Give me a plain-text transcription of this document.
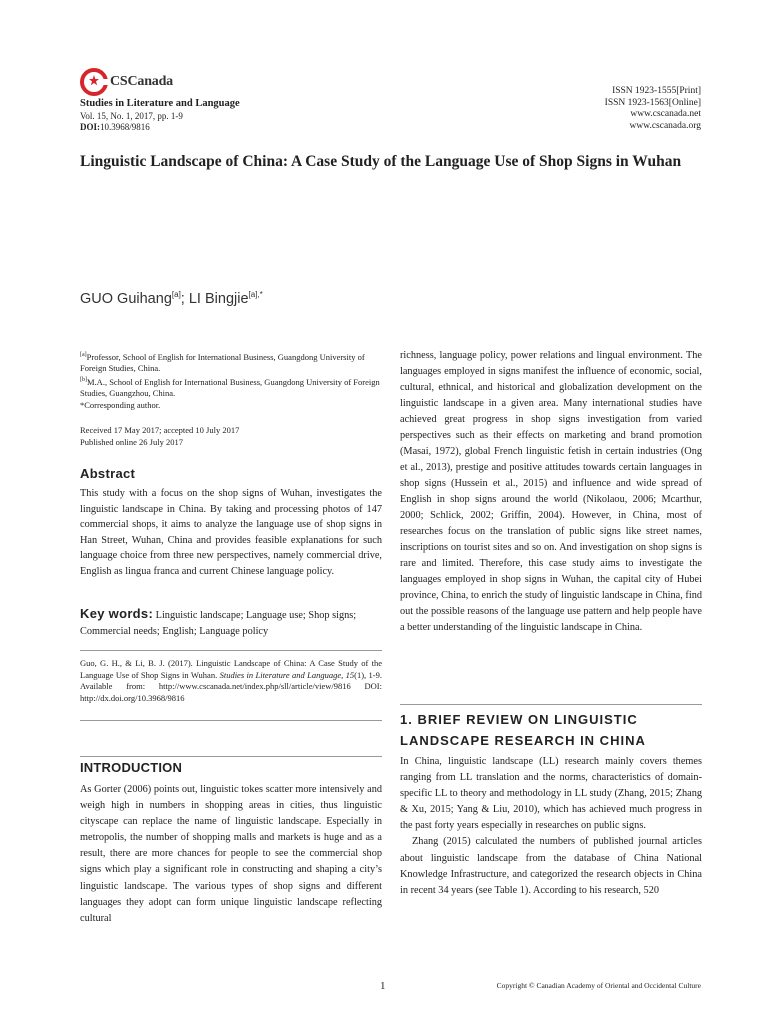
CSCanada
Studies in Literature and Language
Vol. 15, No. 1, 2017, pp. 1-9
DOI:10.3968/9816
ISSN 1923-1555[Print]
ISSN 1923-1563[Online]
www.cscanada.net
www.cscanada.org
Linguistic Landscape of China: A Case Study of the Language Use of Shop Signs in Wuhan
GUO Guihang[a]; LI Bingjie$^{[a],*}$
[a]Professor, School of English for International Business, Guangdong University of Foreign Studies, China.
[b]M.A., School of English for International Business, Guangdong University of Foreign Studies, Guangzhou, China.
*Corresponding author.
Received 17 May 2017; accepted 10 July 2017
Published online 26 July 2017
Abstract
This study with a focus on the shop signs of Wuhan, investigates the linguistic landscape in China. By taking and processing photos of 147 commercial shops, it aims to analyze the language use of shop signs in Han Street, Wuhan, China and provides feasible explanations for such language choice from three new perspectives, namely commercial drive, English as lingua franca and current Chinese language policy.
Key words: Linguistic landscape; Language use; Shop signs; Commercial needs; English; Language policy
Guo, G. H., & Li, B. J. (2017). Linguistic Landscape of China: A Case Study of the Language Use of Shop Signs in Wuhan. Studies in Literature and Language, 15(1), 1-9. Available from: http://www.cscanada.net/index.php/sll/article/view/9816 DOI: http://dx.doi.org/10.3968/9816
INTRODUCTION
As Gorter (2006) points out, linguistic tokes scatter more intensively and weigh high in numbers in shopping areas in cities, thus linguistic cityscape can replace the name of linguistic landscape. Especially in metropolis, the number of shopping malls and markets is huge and as a result, there are more chances for people to see the commercial shop signs which play a significant role in constructing and shaping a city’s linguistic landscape. The various types of shop signs and different languages they adopt can form unique linguistic landscape reflecting cultural
richness, language policy, power relations and lingual environment. The languages employed in signs manifest the influence of economic, social, cultural, ethnical, and historical and globalization development on the linguistic landscape in a given area. Many international studies have achieved great progress in shop signs investigation from varied perspectives such as their effects on marketing and brand promotion (Masai, 1972), global French linguistic fetish in certain industries (Ong et al., 2013), prestige and positive attitudes towards certain languages in shop signs (Hussein et al., 2015) and influence and wide spread of English in shop signs around the world (Nikolaou, 2006; Mcarthur, 2000; Schlick, 2002; Griffin, 2004). However, in China, most of researches focus on the translation of public signs like street names, inscriptions on tourist sites and so on. And investigation on shop signs is rare and limited. Therefore, this case study aims to investigate the languages employed in shop signs in Wuhan, the capital city of Hubei province, China, to enrich the study of linguistic landscape in China, find out the possible reasons of the language use pattern and help people have a better understanding of the linguistic landscape in China.
1. BRIEF REVIEW ON LINGUISTIC LANDSCAPE RESEARCH IN CHINA

In China, linguistic landscape (LL) research mainly covers themes ranging from LL translation and the norms, characteristics of domain-specific LL to theory and methodology in LL study (Zhang, 2015; Zhang & Xu, 2015; Yang & Liu, 2010), which has achieved much progress in the past forty years especially in researches on public signs.

Zhang (2015) calculated the numbers of published journal articles about linguistic landscape from the database of China National Knowledge Infrastructure, and categorized the research objects in China in recent 34 years (see Table 1). According to his research, 520

1	Copyright © Canadian Academy of Oriental and Occidental Culture
